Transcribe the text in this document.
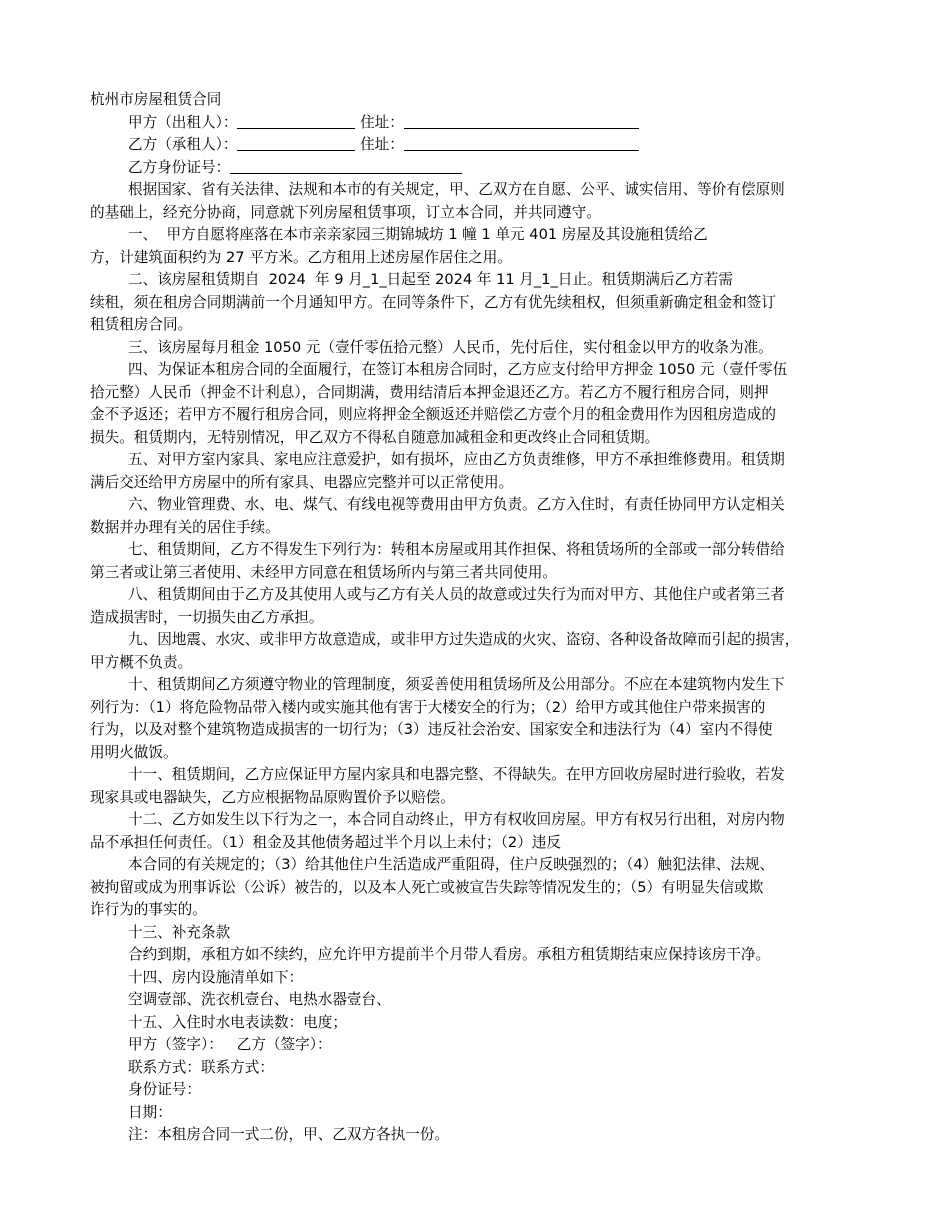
杭州市房屋租赁合同
甲方（出租人）：	住址：
乙方（承租人）：	住址：
乙方身份证号：
根据国家、省有关法律、法规和本市的有关规定，甲、乙双方在自愿、公平、诚实信用、等价有偿原则
的基础上，经充分协商，同意就下列房屋租赁事项，订立本合同，并共同遵守。
一、  甲方自愿将座落在本市亲亲家园三期锦城坊 1 幢 1 单元 401 房屋及其设施租赁给乙
方，计建筑面积约为 27 平方米。乙方租用上述房屋作居住之用。
二、该房屋租赁期自  2024  年 9 月_1_日起至 2024 年 11 月_1_日止。租赁期满后乙方若需
续租，须在租房合同期满前一个月通知甲方。在同等条件下，乙方有优先续租权，但须重新确定租金和签订
租赁租房合同。
三、该房屋每月租金 1050 元（壹仟零伍拾元整）人民币，先付后住，实付租金以甲方的收条为准。
四、为保证本租房合同的全面履行，在签订本租房合同时，乙方应支付给甲方押金 1050 元（壹仟零伍
拾元整）人民币（押金不计利息），合同期满，费用结清后本押金退还乙方。若乙方不履行租房合同，则押
金不予返还；若甲方不履行租房合同，则应将押金全额返还并赔偿乙方壹个月的租金费用作为因租房造成的
损失。租赁期内，无特别情况，甲乙双方不得私自随意加减租金和更改终止合同租赁期。
五、对甲方室内家具、家电应注意爱护，如有损坏，应由乙方负责维修，甲方不承担维修费用。租赁期
满后交还给甲方房屋中的所有家具、电器应完整并可以正常使用。
六、物业管理费、水、电、煤气、有线电视等费用由甲方负责。乙方入住时，有责任协同甲方认定相关
数据并办理有关的居住手续。
七、租赁期间，乙方不得发生下列行为：转租本房屋或用其作担保、将租赁场所的全部或一部分转借给
第三者或让第三者使用、未经甲方同意在租赁场所内与第三者共同使用。
八、租赁期间由于乙方及其使用人或与乙方有关人员的故意或过失行为而对甲方、其他住户或者第三者
造成损害时，一切损失由乙方承担。
九、因地震、水灾、或非甲方故意造成，或非甲方过失造成的火灾、盗窃、各种设备故障而引起的损害，
甲方概不负责。
十、租赁期间乙方须遵守物业的管理制度，须妥善使用租赁场所及公用部分。不应在本建筑物内发生下
列行为：（1）将危险物品带入楼内或实施其他有害于大楼安全的行为；（2）给甲方或其他住户带来损害的
行为，以及对整个建筑物造成损害的一切行为；（3）违反社会治安、国家安全和违法行为（4）室内不得使
用明火做饭。
十一、租赁期间，乙方应保证甲方屋内家具和电器完整、不得缺失。在甲方回收房屋时进行验收，若发
现家具或电器缺失，乙方应根据物品原购置价予以赔偿。
十二、乙方如发生以下行为之一，本合同自动终止，甲方有权收回房屋。甲方有权另行出租，对房内物
品不承担任何责任。（1）租金及其他债务超过半个月以上未付；（2）违反
本合同的有关规定的；（3）给其他住户生活造成严重阻碍，住户反映强烈的；（4）触犯法律、法规、
被拘留或成为刑事诉讼（公诉）被告的，以及本人死亡或被宣告失踪等情况发生的；（5）有明显失信或欺
诈行为的事实的。
十三、补充条款
合约到期，承租方如不续约，应允许甲方提前半个月带人看房。承租方租赁期结束应保持该房干净。
十四、房内设施清单如下：
空调壹部、洗衣机壹台、电热水器壹台、
十五、入住时水电表读数：电度；
甲方（签字）：   乙方（签字）：
联系方式：联系方式：
身份证号：
日期：
注：本租房合同一式二份，甲、乙双方各执一份。
